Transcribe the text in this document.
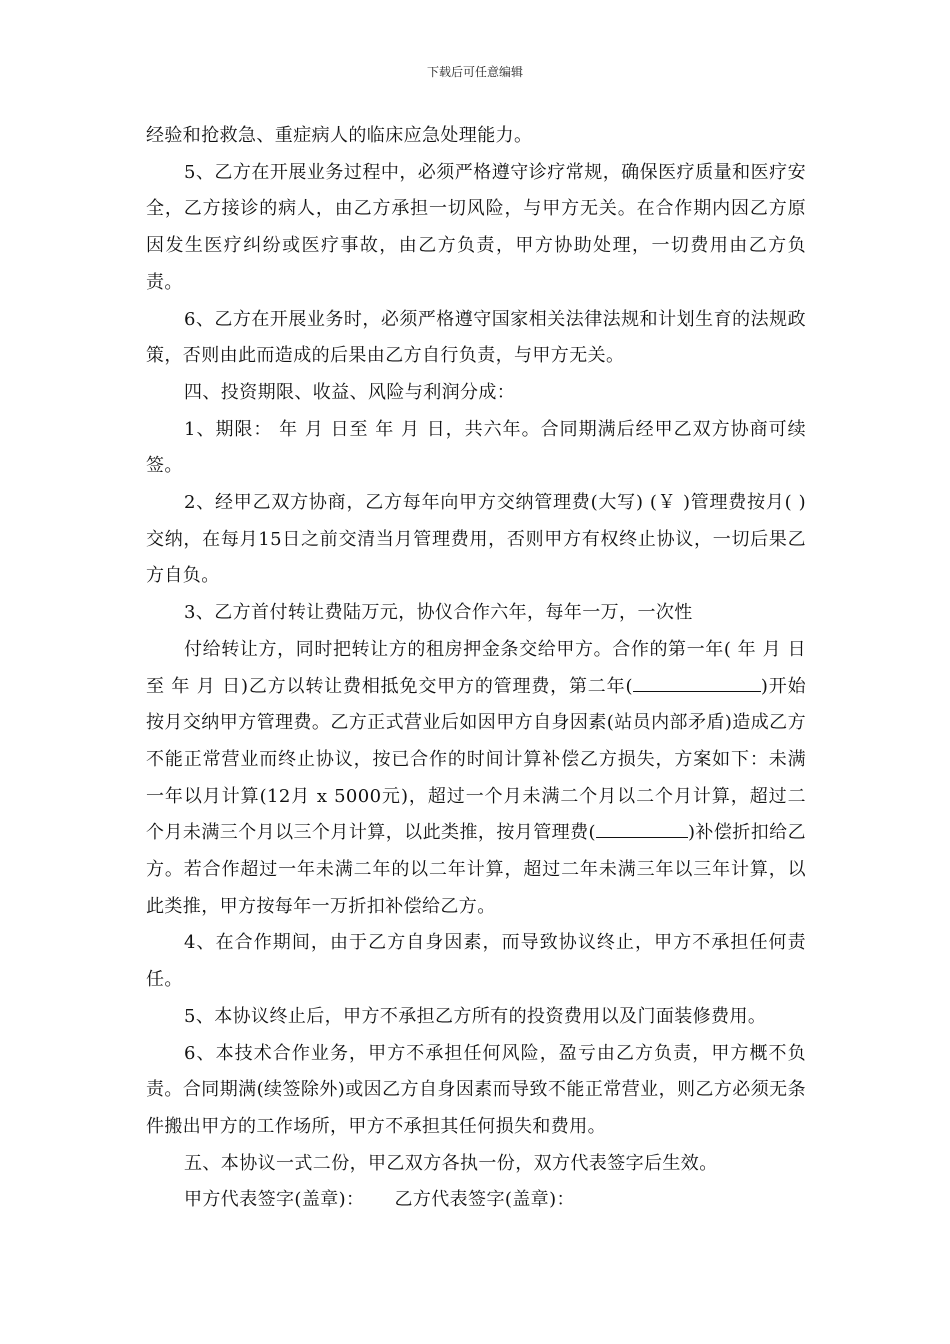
下载后可任意编辑

经验和抢救急、重症病人的临床应急处理能力。

5、乙方在开展业务过程中，必须严格遵守诊疗常规，确保医疗质量和医疗安全，乙方接诊的病人，由乙方承担一切风险，与甲方无关。在合作期内因乙方原因发生医疗纠纷或医疗事故，由乙方负责，甲方协助处理，一切费用由乙方负责。

6、乙方在开展业务时，必须严格遵守国家相关法律法规和计划生育的法规政策，否则由此而造成的后果由乙方自行负责，与甲方无关。

四、投资期限、收益、风险与利润分成：

1、期限： 年 月 日至 年 月 日，共六年。合同期满后经甲乙双方协商可续签。

2、经甲乙双方协商，乙方每年向甲方交纳管理费(大写) (￥ )管理费按月( )交纳，在每月15日之前交清当月管理费用，否则甲方有权终止协议，一切后果乙方自负。

3、乙方首付转让费陆万元，协仪合作六年，每年一万，一次性

付给转让方，同时把转让方的租房押金条交给甲方。合作的第一年( 年 月 日至 年 月 日)乙方以转让费相抵免交甲方的管理费，第二年(	)开始按月交纳甲方管理费。乙方正式营业后如因甲方自身因素(站员内部矛盾)造成乙方不能正常营业而终止协议，按已合作的时间计算补偿乙方损失，方案如下：未满一年以月计算(12月 x 5000元)，超过一个月未满二个月以二个月计算，超过二个月未满三个月以三个月计算，以此类推，按月管理费(	)补偿折扣给乙方。若合作超过一年未满二年的以二年计算，超过二年未满三年以三年计算，以此类推，甲方按每年一万折扣补偿给乙方。

4、在合作期间，由于乙方自身因素，而导致协议终止，甲方不承担任何责任。

5、本协议终止后，甲方不承担乙方所有的投资费用以及门面装修费用。

6、本技术合作业务，甲方不承担任何风险，盈亏由乙方负责，甲方概不负责。合同期满(续签除外)或因乙方自身因素而导致不能正常营业，则乙方必须无条件搬出甲方的工作场所，甲方不承担其任何损失和费用。

五、本协议一式二份，甲乙双方各执一份，双方代表签字后生效。

甲方代表签字(盖章)： 乙方代表签字(盖章)：
